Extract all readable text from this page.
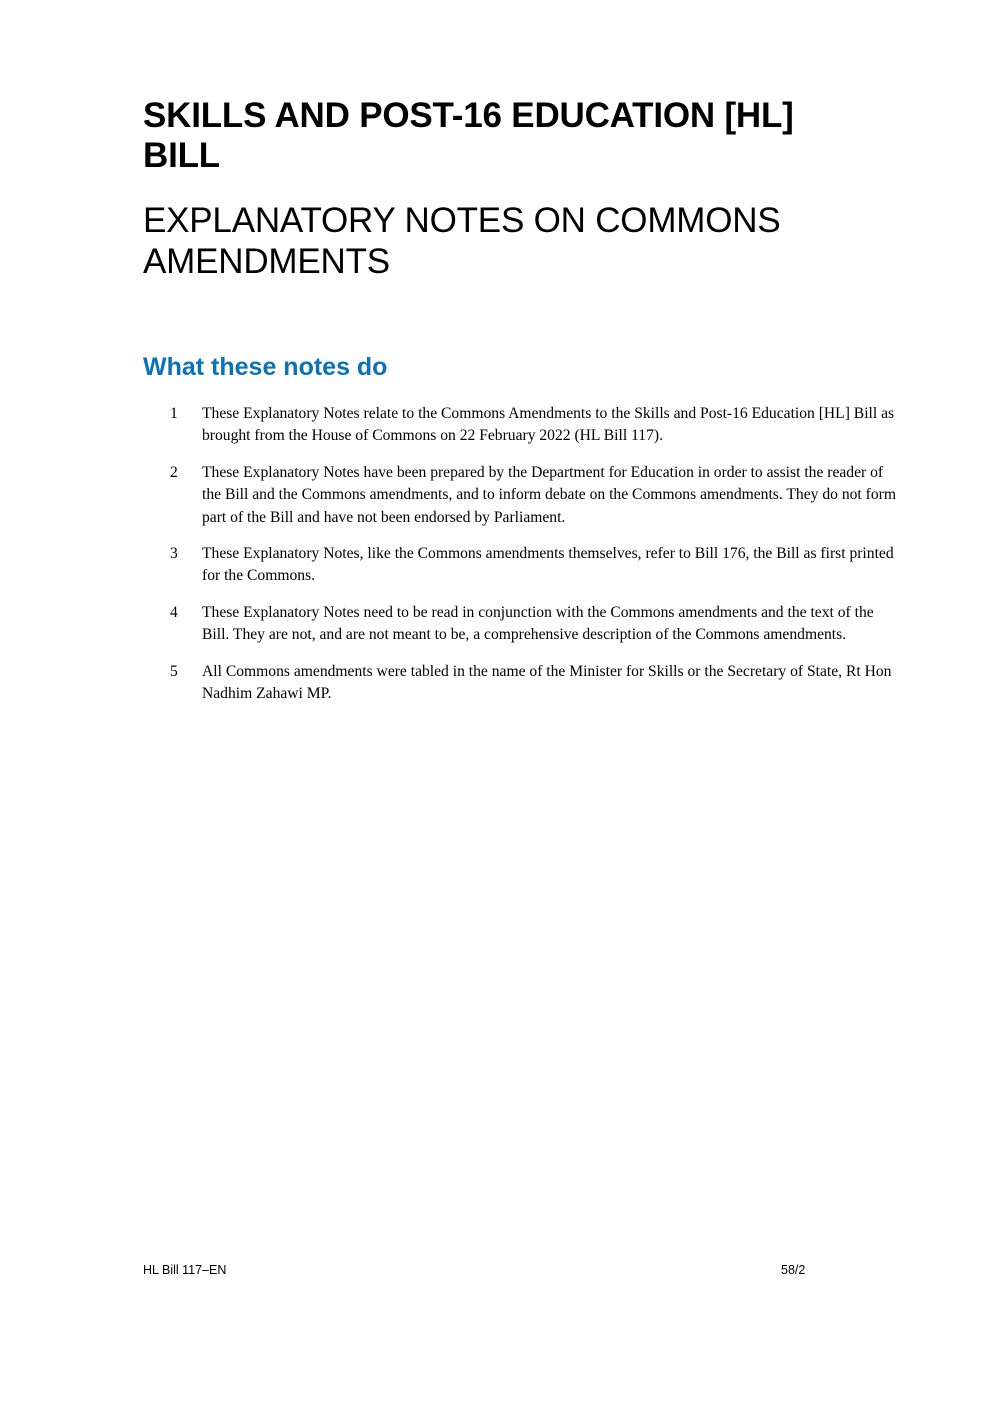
SKILLS AND POST-16 EDUCATION [HL] BILL
EXPLANATORY NOTES ON COMMONS AMENDMENTS
What these notes do
1	These Explanatory Notes relate to the Commons Amendments to the Skills and Post-16 Education [HL] Bill as brought from the House of Commons on 22 February 2022 (HL Bill 117).
2	These Explanatory Notes have been prepared by the Department for Education in order to assist the reader of the Bill and the Commons amendments, and to inform debate on the Commons amendments. They do not form part of the Bill and have not been endorsed by Parliament.
3	These Explanatory Notes, like the Commons amendments themselves, refer to Bill 176, the Bill as first printed for the Commons.
4	These Explanatory Notes need to be read in conjunction with the Commons amendments and the text of the Bill. They are not, and are not meant to be, a comprehensive description of the Commons amendments.
5	All Commons amendments were tabled in the name of the Minister for Skills or the Secretary of State, Rt Hon Nadhim Zahawi MP.
HL Bill 117–EN	58/2
